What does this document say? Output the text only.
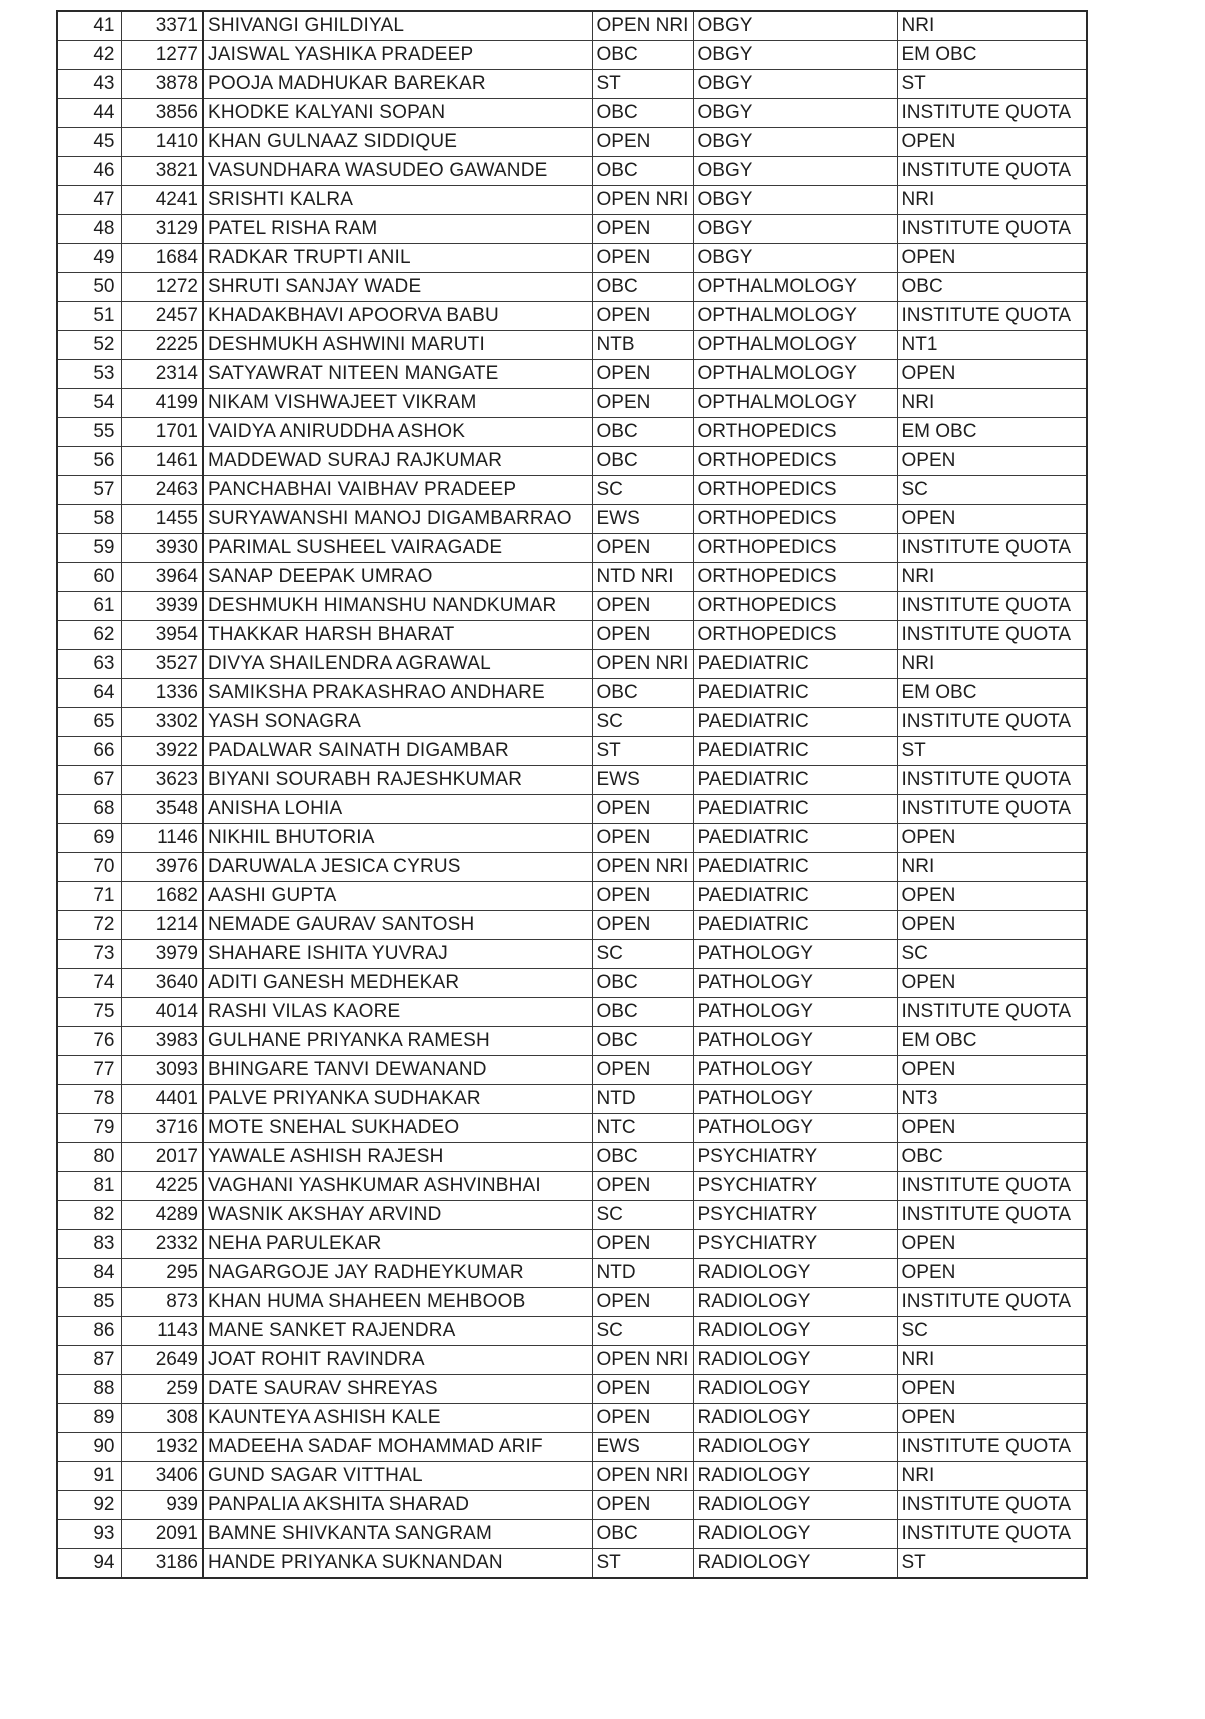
41	3371	SHIVANGI GHILDIYAL	OPEN NRI	OBGY	NRI
42	1277	JAISWAL YASHIKA PRADEEP	OBC	OBGY	EM OBC
43	3878	POOJA MADHUKAR BAREKAR	ST	OBGY	ST
44	3856	KHODKE KALYANI SOPAN	OBC	OBGY	INSTITUTE QUOTA
45	1410	KHAN GULNAAZ SIDDIQUE	OPEN	OBGY	OPEN
46	3821	VASUNDHARA WASUDEO GAWANDE	OBC	OBGY	INSTITUTE QUOTA
47	4241	SRISHTI KALRA	OPEN NRI	OBGY	NRI
48	3129	PATEL RISHA RAM	OPEN	OBGY	INSTITUTE QUOTA
49	1684	RADKAR TRUPTI ANIL	OPEN	OBGY	OPEN
50	1272	SHRUTI SANJAY WADE	OBC	OPTHALMOLOGY	OBC
51	2457	KHADAKBHAVI APOORVA BABU	OPEN	OPTHALMOLOGY	INSTITUTE QUOTA
52	2225	DESHMUKH ASHWINI MARUTI	NTB	OPTHALMOLOGY	NT1
53	2314	SATYAWRAT NITEEN MANGATE	OPEN	OPTHALMOLOGY	OPEN
54	4199	NIKAM VISHWAJEET VIKRAM	OPEN	OPTHALMOLOGY	NRI
55	1701	VAIDYA ANIRUDDHA ASHOK	OBC	ORTHOPEDICS	EM OBC
56	1461	MADDEWAD SURAJ RAJKUMAR	OBC	ORTHOPEDICS	OPEN
57	2463	PANCHABHAI VAIBHAV PRADEEP	SC	ORTHOPEDICS	SC
58	1455	SURYAWANSHI MANOJ DIGAMBARRAO	EWS	ORTHOPEDICS	OPEN
59	3930	PARIMAL SUSHEEL VAIRAGADE	OPEN	ORTHOPEDICS	INSTITUTE QUOTA
60	3964	SANAP DEEPAK UMRAO	NTD NRI	ORTHOPEDICS	NRI
61	3939	DESHMUKH HIMANSHU NANDKUMAR	OPEN	ORTHOPEDICS	INSTITUTE QUOTA
62	3954	THAKKAR HARSH BHARAT	OPEN	ORTHOPEDICS	INSTITUTE QUOTA
63	3527	DIVYA SHAILENDRA AGRAWAL	OPEN NRI	PAEDIATRIC	NRI
64	1336	SAMIKSHA PRAKASHRAO ANDHARE	OBC	PAEDIATRIC	EM OBC
65	3302	YASH SONAGRA	SC	PAEDIATRIC	INSTITUTE QUOTA
66	3922	PADALWAR SAINATH DIGAMBAR	ST	PAEDIATRIC	ST
67	3623	BIYANI SOURABH RAJESHKUMAR	EWS	PAEDIATRIC	INSTITUTE QUOTA
68	3548	ANISHA LOHIA	OPEN	PAEDIATRIC	INSTITUTE QUOTA
69	1146	NIKHIL BHUTORIA	OPEN	PAEDIATRIC	OPEN
70	3976	DARUWALA JESICA CYRUS	OPEN NRI	PAEDIATRIC	NRI
71	1682	AASHI GUPTA	OPEN	PAEDIATRIC	OPEN
72	1214	NEMADE GAURAV SANTOSH	OPEN	PAEDIATRIC	OPEN
73	3979	SHAHARE ISHITA YUVRAJ	SC	PATHOLOGY	SC
74	3640	ADITI GANESH MEDHEKAR	OBC	PATHOLOGY	OPEN
75	4014	RASHI VILAS KAORE	OBC	PATHOLOGY	INSTITUTE QUOTA
76	3983	GULHANE PRIYANKA RAMESH	OBC	PATHOLOGY	EM OBC
77	3093	BHINGARE TANVI DEWANAND	OPEN	PATHOLOGY	OPEN
78	4401	PALVE PRIYANKA SUDHAKAR	NTD	PATHOLOGY	NT3
79	3716	MOTE SNEHAL SUKHADEO	NTC	PATHOLOGY	OPEN
80	2017	YAWALE ASHISH RAJESH	OBC	PSYCHIATRY	OBC
81	4225	VAGHANI YASHKUMAR ASHVINBHAI	OPEN	PSYCHIATRY	INSTITUTE QUOTA
82	4289	WASNIK AKSHAY ARVIND	SC	PSYCHIATRY	INSTITUTE QUOTA
83	2332	NEHA PARULEKAR	OPEN	PSYCHIATRY	OPEN
84	295	NAGARGOJE JAY RADHEYKUMAR	NTD	RADIOLOGY	OPEN
85	873	KHAN HUMA SHAHEEN MEHBOOB	OPEN	RADIOLOGY	INSTITUTE QUOTA
86	1143	MANE SANKET RAJENDRA	SC	RADIOLOGY	SC
87	2649	JOAT ROHIT RAVINDRA	OPEN NRI	RADIOLOGY	NRI
88	259	DATE SAURAV SHREYAS	OPEN	RADIOLOGY	OPEN
89	308	KAUNTEYA ASHISH KALE	OPEN	RADIOLOGY	OPEN
90	1932	MADEEHA SADAF MOHAMMAD ARIF	EWS	RADIOLOGY	INSTITUTE QUOTA
91	3406	GUND SAGAR VITTHAL	OPEN NRI	RADIOLOGY	NRI
92	939	PANPALIA AKSHITA SHARAD	OPEN	RADIOLOGY	INSTITUTE QUOTA
93	2091	BAMNE SHIVKANTA SANGRAM	OBC	RADIOLOGY	INSTITUTE QUOTA
94	3186	HANDE PRIYANKA SUKNANDAN	ST	RADIOLOGY	ST
